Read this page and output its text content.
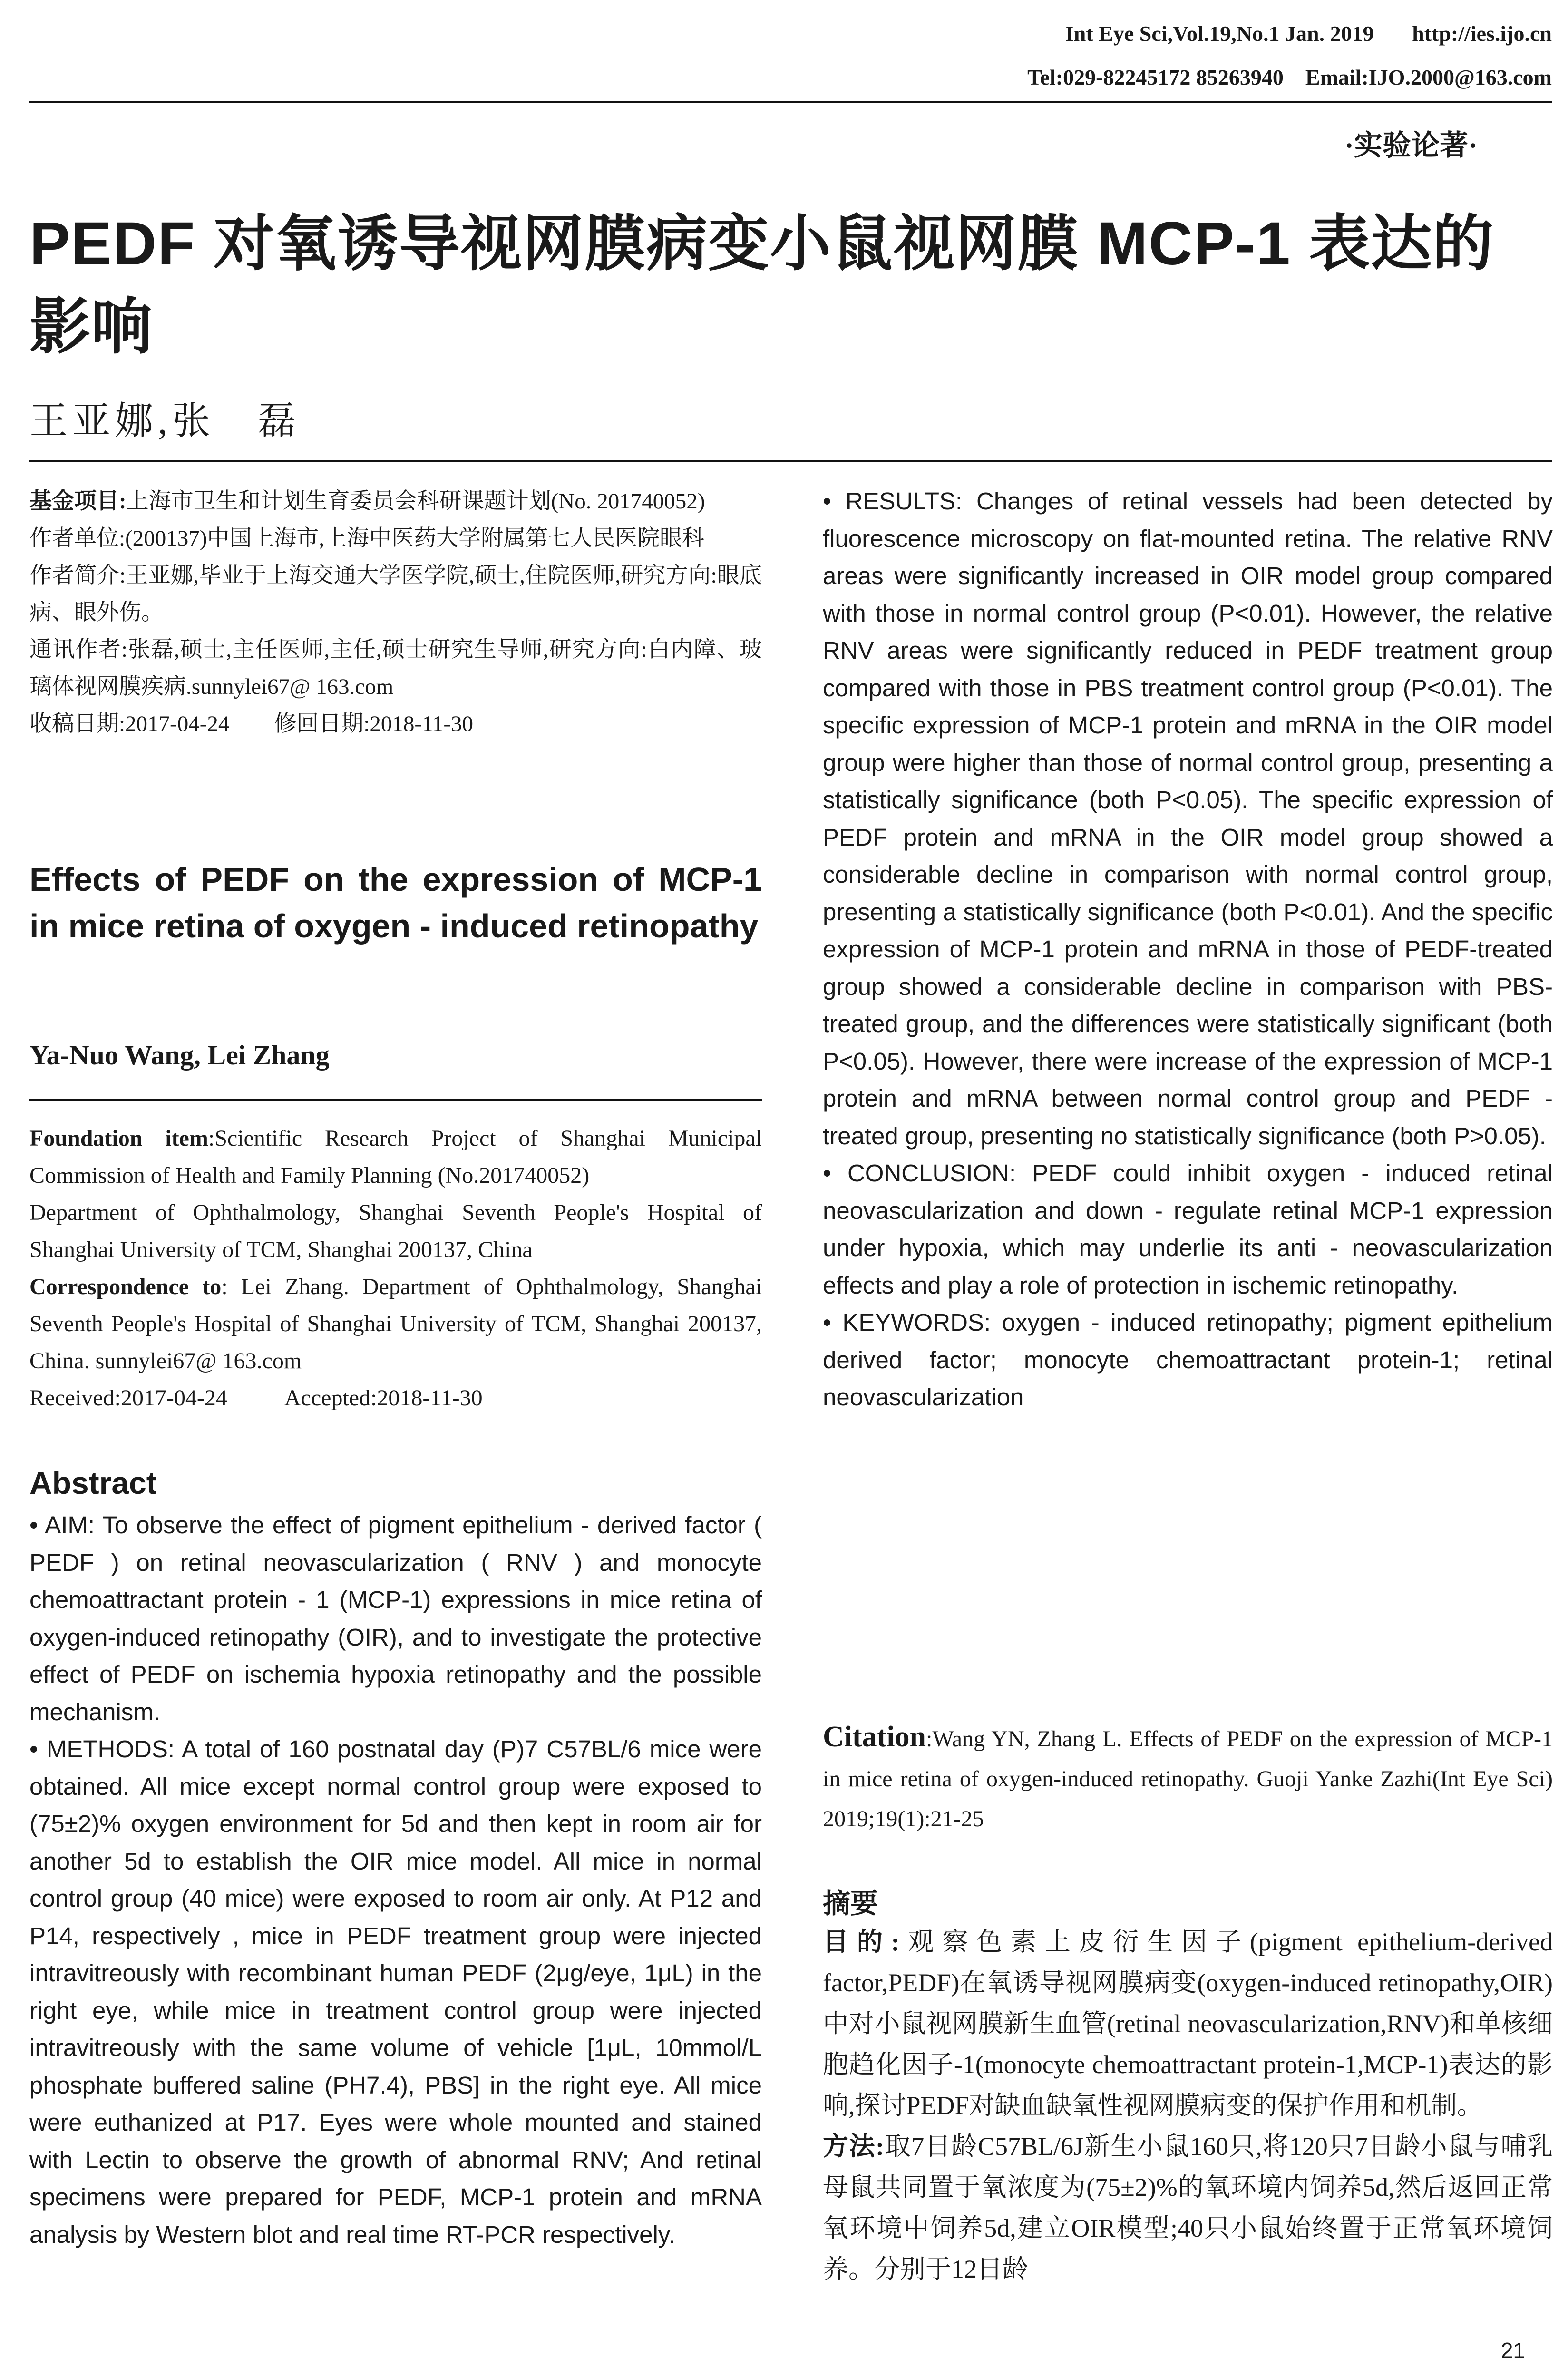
Int Eye Sci,Vol.19,No.1 Jan. 2019 http://ies.ijo.cn
Tel:029-82245172 85263940 Email:IJO.2000@163.com
·实验论著·
PEDF 对氧诱导视网膜病变小鼠视网膜 MCP-1 表达的影响
王亚娜,张　磊

基金项目:上海市卫生和计划生育委员会科研课题计划(No. 201740052)

作者单位:(200137)中国上海市,上海中医药大学附属第七人民医院眼科

作者简介:王亚娜,毕业于上海交通大学医学院,硕士,住院医师,研究方向:眼底病、眼外伤。

通讯作者:张磊,硕士,主任医师,主任,硕士研究生导师,研究方向:白内障、玻璃体视网膜疾病.sunnylei67@ 163.com

收稿日期:2017-04-24 修回日期:2018-11-30

Effects of PEDF on the expression of MCP-1 in mice retina of oxygen - induced retinopathy
Ya-Nuo Wang, Lei Zhang

Foundation item:Scientific Research Project of Shanghai Municipal Commission of Health and Family Planning (No.201740052)

Department of Ophthalmology, Shanghai Seventh People's Hospital of Shanghai University of TCM, Shanghai 200137, China

Correspondence to: Lei Zhang. Department of Ophthalmology, Shanghai Seventh People's Hospital of Shanghai University of TCM, Shanghai 200137, China. sunnylei67@ 163.com

Received:2017-04-24	Accepted:2018-11-30

Abstract

• AIM: To observe the effect of pigment epithelium - derived factor ( PEDF ) on retinal neovascularization ( RNV ) and monocyte chemoattractant protein - 1 (MCP-1) expressions in mice retina of oxygen-induced retinopathy (OIR), and to investigate the protective effect of PEDF on ischemia hypoxia retinopathy and the possible mechanism.

• METHODS: A total of 160 postnatal day (P)7 C57BL/6 mice were obtained. All mice except normal control group were exposed to (75±2)% oxygen environment for 5d and then kept in room air for another 5d to establish the OIR mice model. All mice in normal control group (40 mice) were exposed to room air only. At P12 and P14, respectively , mice in PEDF treatment group were injected intravitreously with recombinant human PEDF (2μg/eye, 1μL) in the right eye, while mice in treatment control group were injected intravitreously with the same volume of vehicle [1μL, 10mmol/L phosphate buffered saline (PH7.4), PBS] in the right eye. All mice were euthanized at P17. Eyes were whole mounted and stained with Lectin to observe the growth of abnormal RNV; And retinal specimens were prepared for PEDF, MCP-1 protein and mRNA analysis by Western blot and real time RT-PCR respectively.

• RESULTS: Changes of retinal vessels had been detected by fluorescence microscopy on flat-mounted retina. The relative RNV areas were significantly increased in OIR model group compared with those in normal control group (P<0.01). However, the relative RNV areas were significantly reduced in PEDF treatment group compared with those in PBS treatment control group (P<0.01). The specific expression of MCP-1 protein and mRNA in the OIR model group were higher than those of normal control group, presenting a statistically significance (both P<0.05). The specific expression of PEDF protein and mRNA in the OIR model group showed a considerable decline in comparison with normal control group, presenting a statistically significance (both P<0.01). And the specific expression of MCP-1 protein and mRNA in those of PEDF-treated group showed a considerable decline in comparison with PBS-treated group, and the differences were statistically significant (both P<0.05). However, there were increase of the expression of MCP-1 protein and mRNA between normal control group and PEDF - treated group, presenting no statistically significance (both P>0.05).

• CONCLUSION: PEDF could inhibit oxygen - induced retinal neovascularization and down - regulate retinal MCP-1 expression under hypoxia, which may underlie its anti - neovascularization effects and play a role of protection in ischemic retinopathy.

• KEYWORDS: oxygen - induced retinopathy; pigment epithelium derived factor; monocyte chemoattractant protein-1; retinal neovascularization

Citation:Wang YN, Zhang L. Effects of PEDF on the expression of MCP-1 in mice retina of oxygen-induced retinopathy. Guoji Yanke Zazhi(Int Eye Sci) 2019;19(1):21-25
摘要

目的:观察色素上皮衍生因子(pigment epithelium-derived factor,PEDF)在氧诱导视网膜病变(oxygen-induced retinopathy,OIR)中对小鼠视网膜新生血管(retinal neovascularization,RNV)和单核细胞趋化因子-1(monocyte chemoattractant protein-1,MCP-1)表达的影响,探讨PEDF对缺血缺氧性视网膜病变的保护作用和机制。

方法:取7日龄C57BL/6J新生小鼠160只,将120只7日龄小鼠与哺乳母鼠共同置于氧浓度为(75±2)%的氧环境内饲养5d,然后返回正常氧环境中饲养5d,建立OIR模型;40只小鼠始终置于正常氧环境饲养。分别于12日龄

21
